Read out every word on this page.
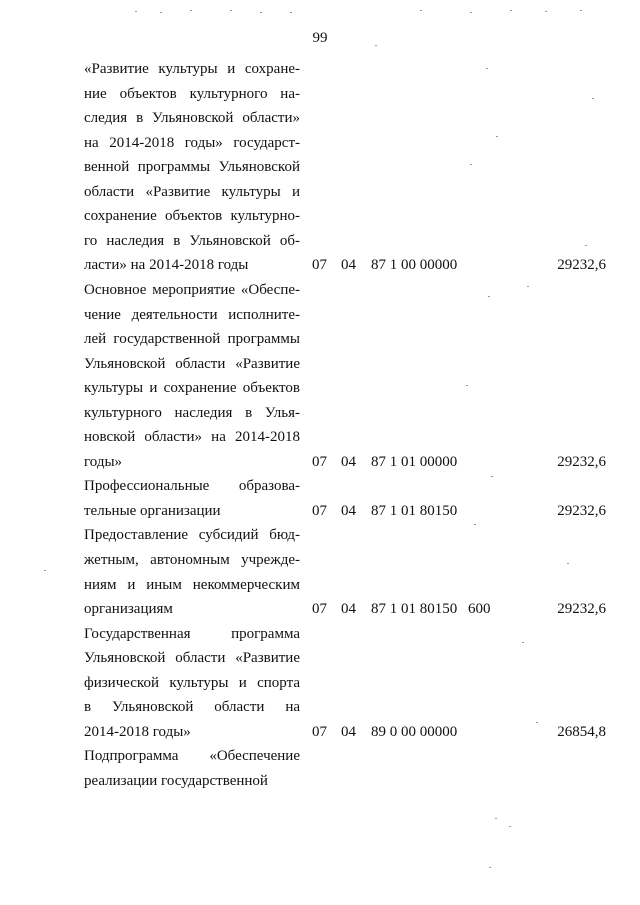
99
«Развитие культуры и сохране-
ние объектов культурного на-
следия в Ульяновской области»
на 2014-2018 годы» государст-
венной программы Ульяновской
области «Развитие культуры и
сохранение объектов культурно-
го наследия в Ульяновской об-
ласти» на 2014-2018 годы	07 04 87 1 00 00000	29232,6
Основное мероприятие «Обеспе-
чение деятельности исполните-
лей государственной программы
Ульяновской области «Развитие
культуры и сохранение объектов
культурного наследия в Улья-
новской области» на 2014-2018
годы»	07 04 87 1 01 00000	29232,6
Профессиональные образова-
тельные организации	07 04 87 1 01 80150	29232,6
Предоставление субсидий бюд-
жетным, автономным учрежде-
ниям и иным некоммерческим
организациям	07 04 87 1 01 80150 600	29232,6
Государственная программа
Ульяновской области «Развитие
физической культуры и спорта
в Ульяновской области на
2014-2018 годы»	07 04 89 0 00 00000	26854,8
Подпрограмма «Обеспечение
реализации государственной
